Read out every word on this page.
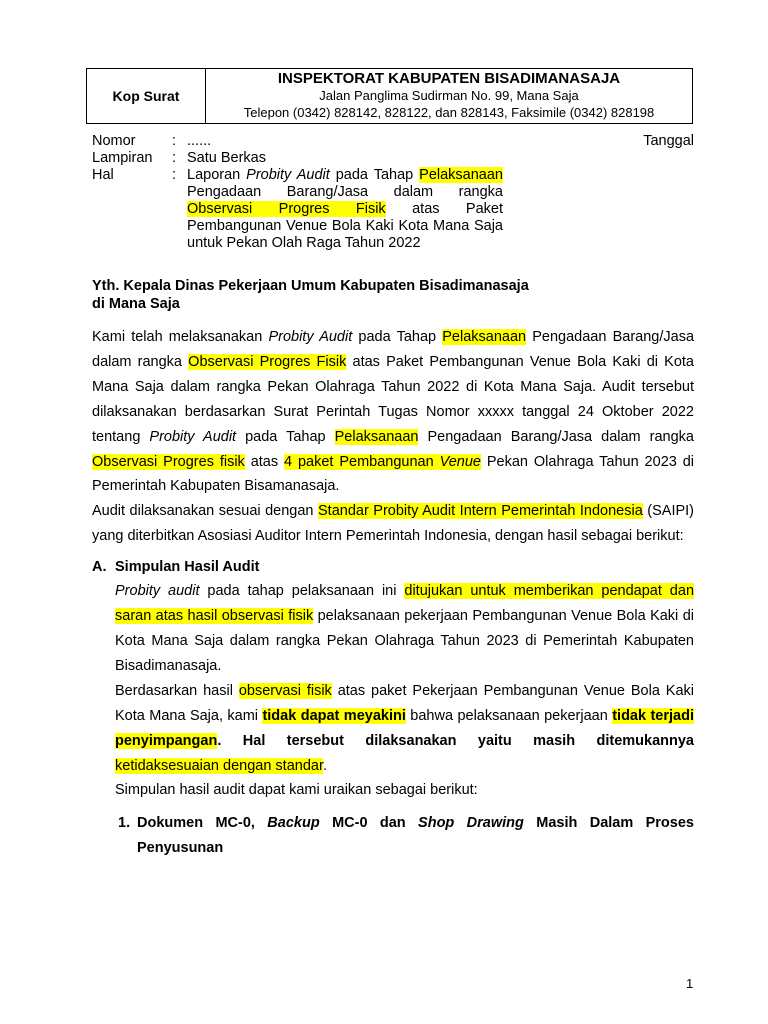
Kop Surat
INSPEKTORAT KABUPATEN BISADIMANASAJA
Jalan Panglima Sudirman No. 99, Mana Saja
Telepon (0342) 828142, 828122, dan 828143, Faksimile (0342) 828198
Tanggal
Nomor	: ......
Lampiran	: Satu Berkas
Hal	: Laporan Probity Audit pada Tahap Pelaksanaan Pengadaan Barang/Jasa dalam rangka Observasi Progres Fisik atas Paket Pembangunan Venue Bola Kaki Kota Mana Saja untuk Pekan Olah Raga Tahun 2022
Yth. Kepala Dinas Pekerjaan Umum Kabupaten Bisadimanasaja
di Mana Saja

Kami telah melaksanakan Probity Audit pada Tahap Pelaksanaan Pengadaan Barang/Jasa dalam rangka Observasi Progres Fisik atas Paket Pembangunan Venue Bola Kaki di Kota Mana Saja dalam rangka Pekan Olahraga Tahun 2022 di Kota Mana Saja. Audit tersebut dilaksanakan berdasarkan Surat Perintah Tugas Nomor xxxxx tanggal 24 Oktober 2022 tentang Probity Audit pada Tahap Pelaksanaan Pengadaan Barang/Jasa dalam rangka Observasi Progres fisik atas 4 paket Pembangunan Venue Pekan Olahraga Tahun 2023 di Pemerintah Kabupaten Bisamanasaja.

Audit dilaksanakan sesuai dengan Standar Probity Audit Intern Pemerintah Indonesia (SAIPI) yang diterbitkan Asosiasi Auditor Intern Pemerintah Indonesia, dengan hasil sebagai berikut:

A. Simpulan Hasil Audit

Probity audit pada tahap pelaksanaan ini ditujukan untuk memberikan pendapat dan saran atas hasil observasi fisik pelaksanaan pekerjaan Pembangunan Venue Bola Kaki di Kota Mana Saja dalam rangka Pekan Olahraga Tahun 2023 di Pemerintah Kabupaten Bisadimanasaja.

Berdasarkan hasil observasi fisik atas paket Pekerjaan Pembangunan Venue Bola Kaki Kota Mana Saja, kami tidak dapat meyakini bahwa pelaksanaan pekerjaan tidak terjadi penyimpangan. Hal tersebut dilaksanakan yaitu masih ditemukannya ketidaksesuaian dengan standar.

Simpulan hasil audit dapat kami uraikan sebagai berikut:

1. Dokumen MC-0, Backup MC-0 dan Shop Drawing Masih Dalam Proses Penyusunan
1
